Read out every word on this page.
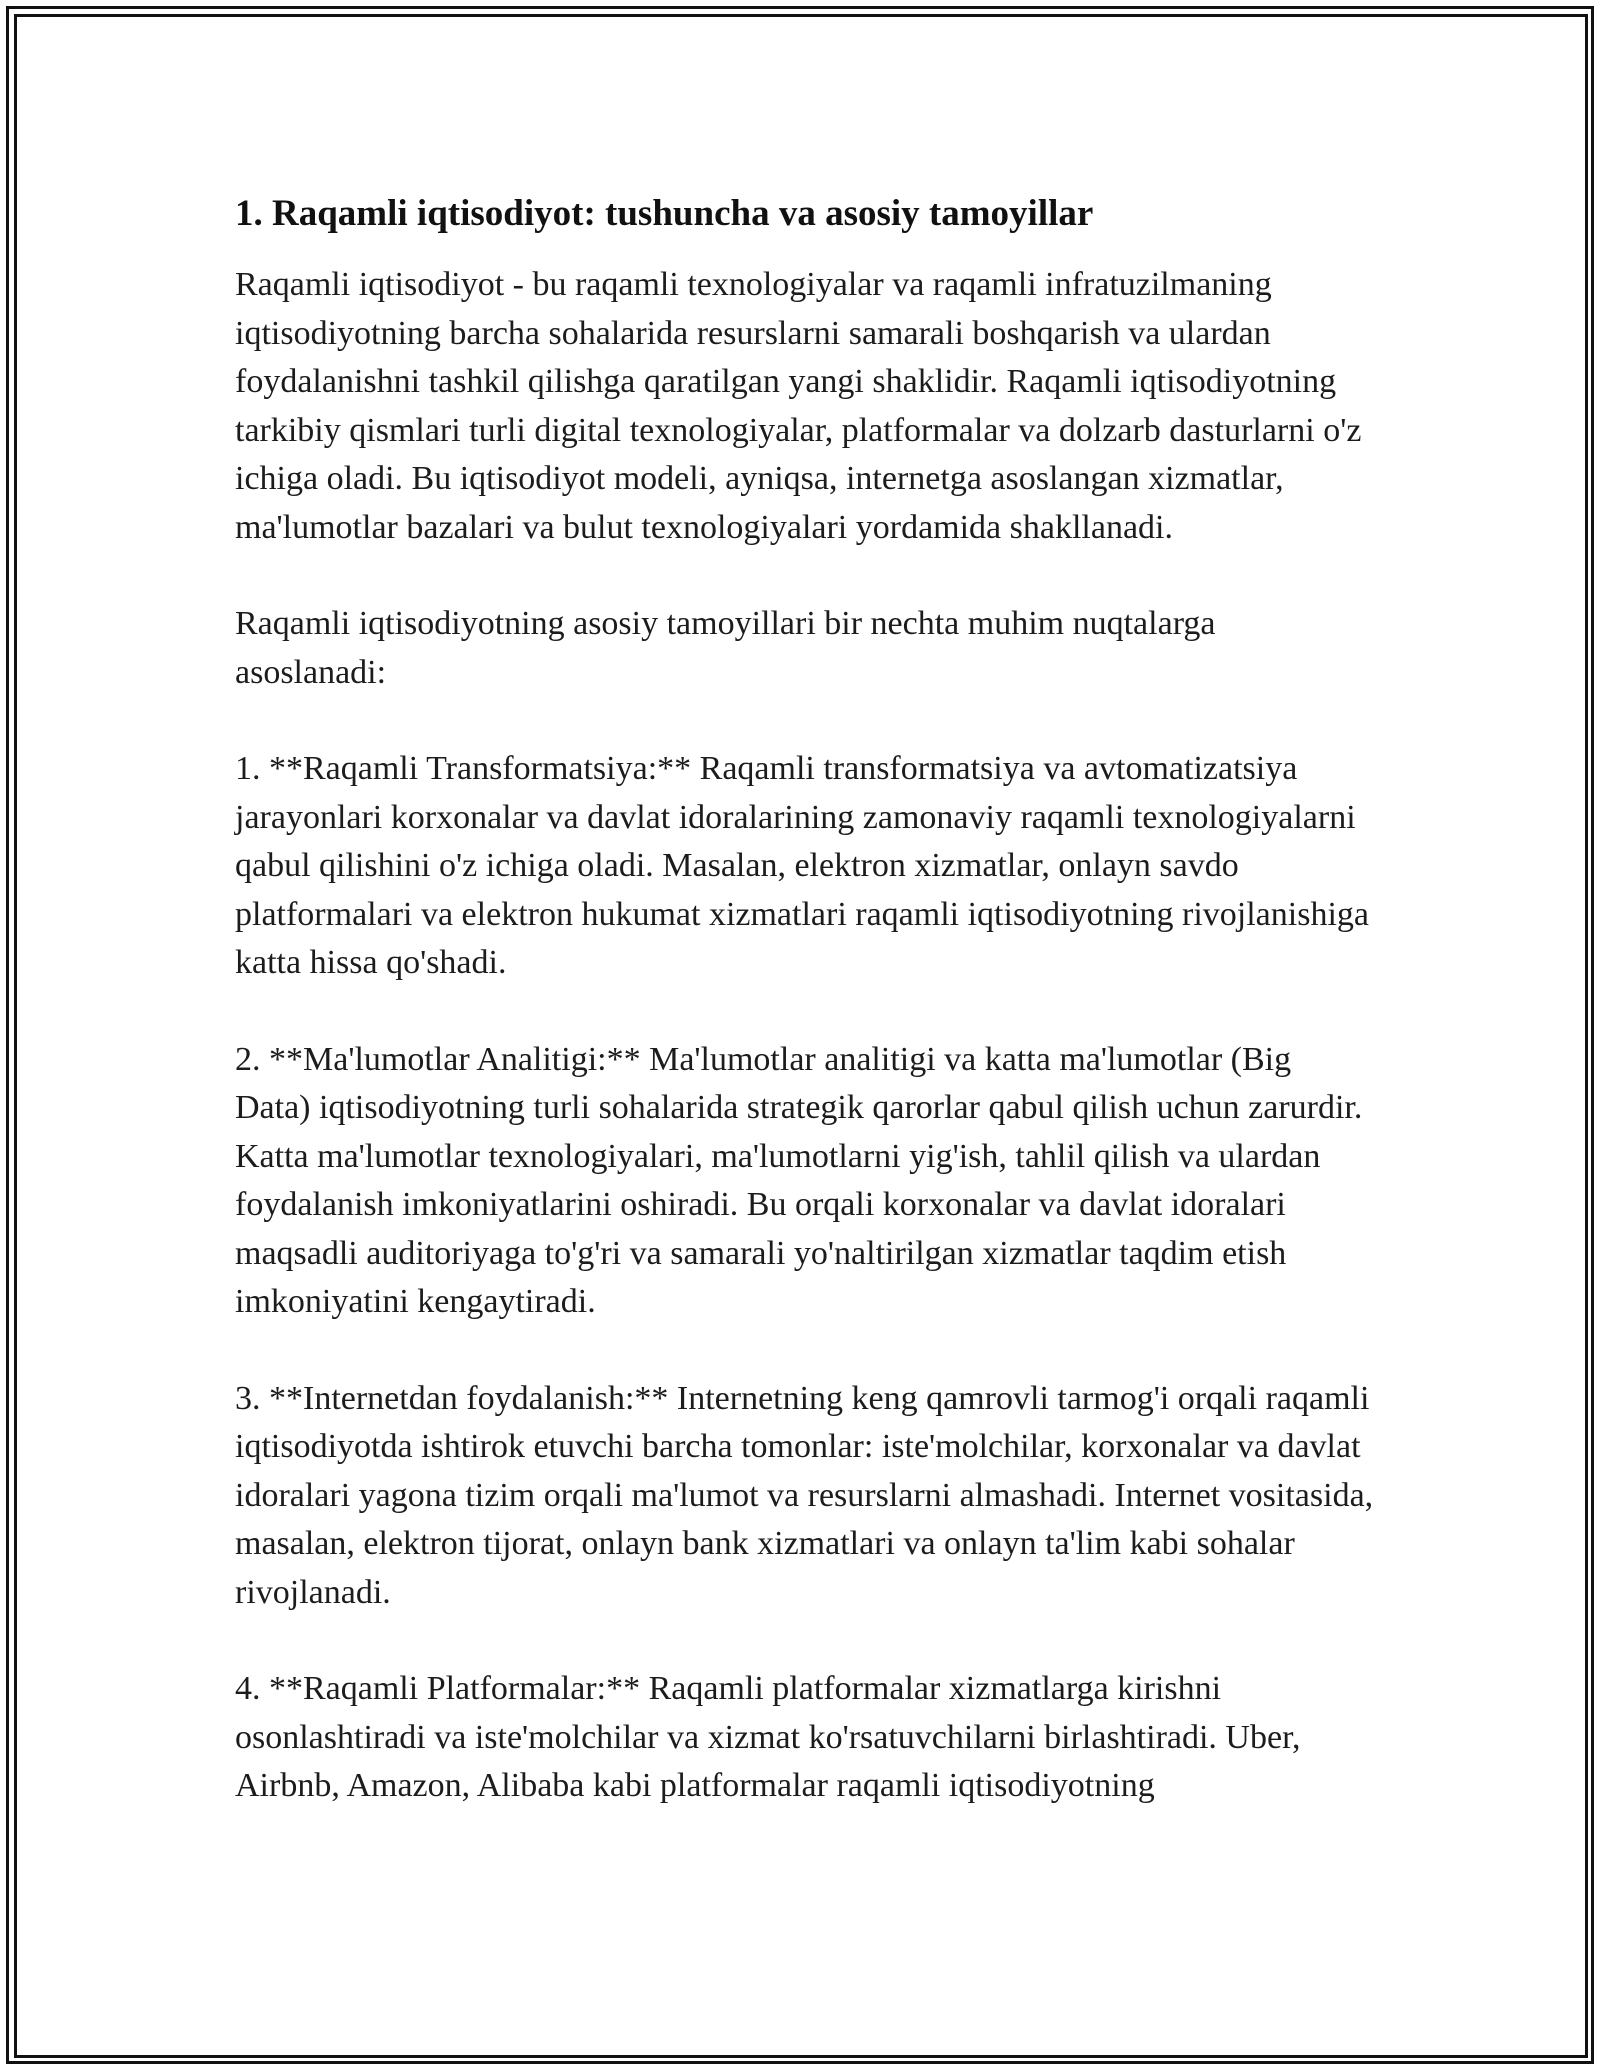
1. Raqamli iqtisodiyot: tushuncha va asosiy tamoyillar

Raqamli iqtisodiyot - bu raqamli texnologiyalar va raqamli infratuzilmaning iqtisodiyotning barcha sohalarida resurslarni samarali boshqarish va ulardan foydalanishni tashkil qilishga qaratilgan yangi shaklidir. Raqamli iqtisodiyotning tarkibiy qismlari turli digital texnologiyalar, platformalar va dolzarb dasturlarni o'z ichiga oladi. Bu iqtisodiyot modeli, ayniqsa, internetga asoslangan xizmatlar, ma'lumotlar bazalari va bulut texnologiyalari yordamida shakllanadi.

Raqamli iqtisodiyotning asosiy tamoyillari bir nechta muhim nuqtalarga asoslanadi:

1. **Raqamli Transformatsiya:** Raqamli transformatsiya va avtomatizatsiya jarayonlari korxonalar va davlat idoralarining zamonaviy raqamli texnologiyalarni qabul qilishini o'z ichiga oladi. Masalan, elektron xizmatlar, onlayn savdo platformalari va elektron hukumat xizmatlari raqamli iqtisodiyotning rivojlanishiga katta hissa qo'shadi.

2. **Ma'lumotlar Analitigi:** Ma'lumotlar analitigi va katta ma'lumotlar (Big Data) iqtisodiyotning turli sohalarida strategik qarorlar qabul qilish uchun zarurdir. Katta ma'lumotlar texnologiyalari, ma'lumotlarni yig'ish, tahlil qilish va ulardan foydalanish imkoniyatlarini oshiradi. Bu orqali korxonalar va davlat idoralari maqsadli auditoriyaga to'g'ri va samarali yo'naltirilgan xizmatlar taqdim etish imkoniyatini kengaytiradi.

3. **Internetdan foydalanish:** Internetning keng qamrovli tarmog'i orqali raqamli iqtisodiyotda ishtirok etuvchi barcha tomonlar: iste'molchilar, korxonalar va davlat idoralari yagona tizim orqali ma'lumot va resurslarni almashadi. Internet vositasida, masalan, elektron tijorat, onlayn bank xizmatlari va onlayn ta'lim kabi sohalar rivojlanadi.

4. **Raqamli Platformalar:** Raqamli platformalar xizmatlarga kirishni osonlashtiradi va iste'molchilar va xizmat ko'rsatuvchilarni birlashtiradi. Uber, Airbnb, Amazon, Alibaba kabi platformalar raqamli iqtisodiyotning
